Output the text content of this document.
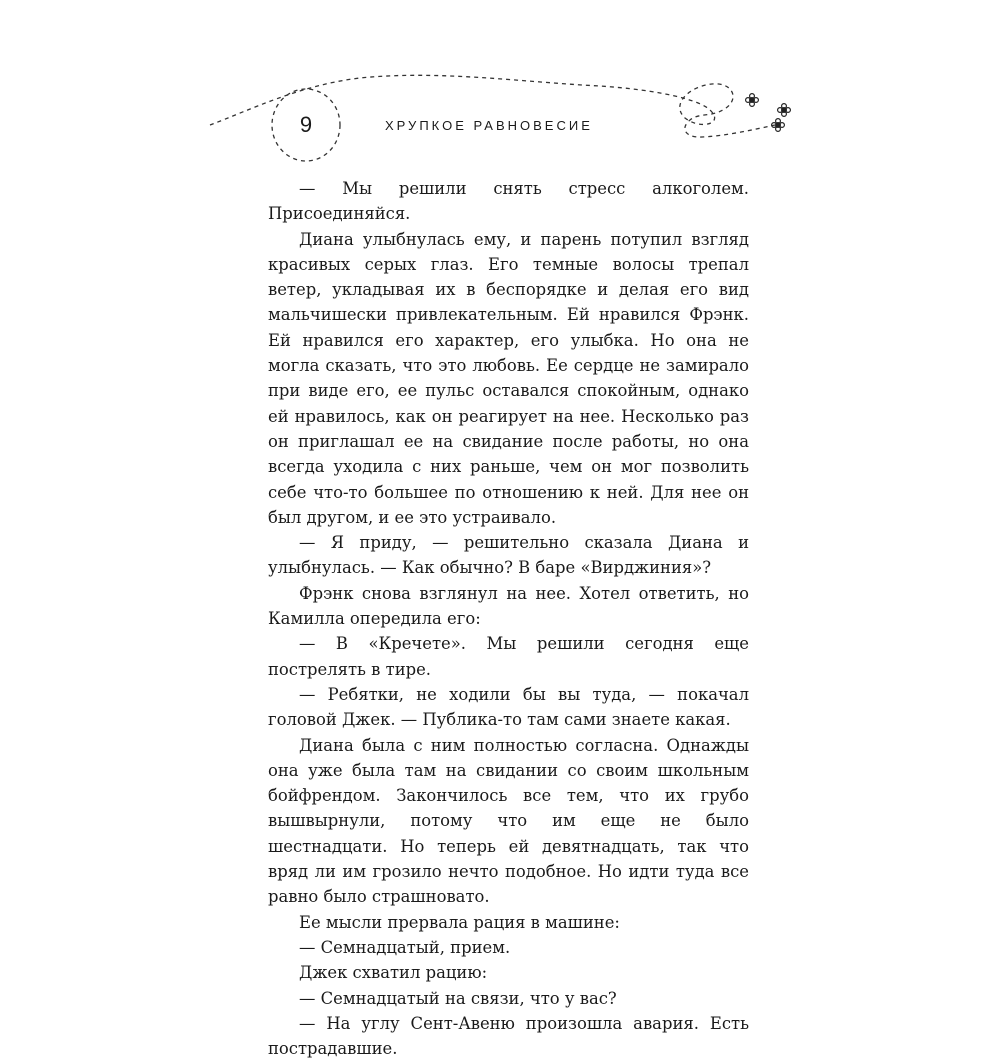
9	ХРУПКОЕ РАВНОВЕСИЕ

— Мы решили снять стресс алкоголем. Присоединяйся.

Диана улыбнулась ему, и парень потупил взгляд красивых серых глаз. Его темные волосы трепал ветер, укладывая их в беспорядке и делая его вид мальчишески привлекательным. Ей нравился Фрэнк. Ей нравился его характер, его улыбка. Но она не могла сказать, что это любовь. Ее сердце не замирало при виде его, ее пульс оставался спокойным, однако ей нравилось, как он реагирует на нее. Несколько раз он приглашал ее на свидание после работы, но она всегда уходила с них раньше, чем он мог позволить себе что-то большее по отношению к ней. Для нее он был другом, и ее это устраивало.

— Я приду, — решительно сказала Диана и улыбнулась. — Как обычно? В баре «Вирджиния»?

Фрэнк снова взглянул на нее. Хотел ответить, но Камилла опередила его:

— В «Кречете». Мы решили сегодня еще пострелять в тире.

— Ребятки, не ходили бы вы туда, — покачал головой Джек. — Публика-то там сами знаете какая.

Диана была с ним полностью согласна. Однажды она уже была там на свидании со своим школьным бойфрендом. Закончилось все тем, что их грубо вышвырнули, потому что им еще не было шестнадцати. Но теперь ей девятнадцать, так что вряд ли им грозило нечто подобное. Но идти туда все равно было страшновато.

Ее мысли прервала рация в машине:

— Семнадцатый, прием.

Джек схватил рацию:

— Семнадцатый на связи, что у вас?

— На углу Сент-Авеню произошла авария. Есть пострадавшие.
